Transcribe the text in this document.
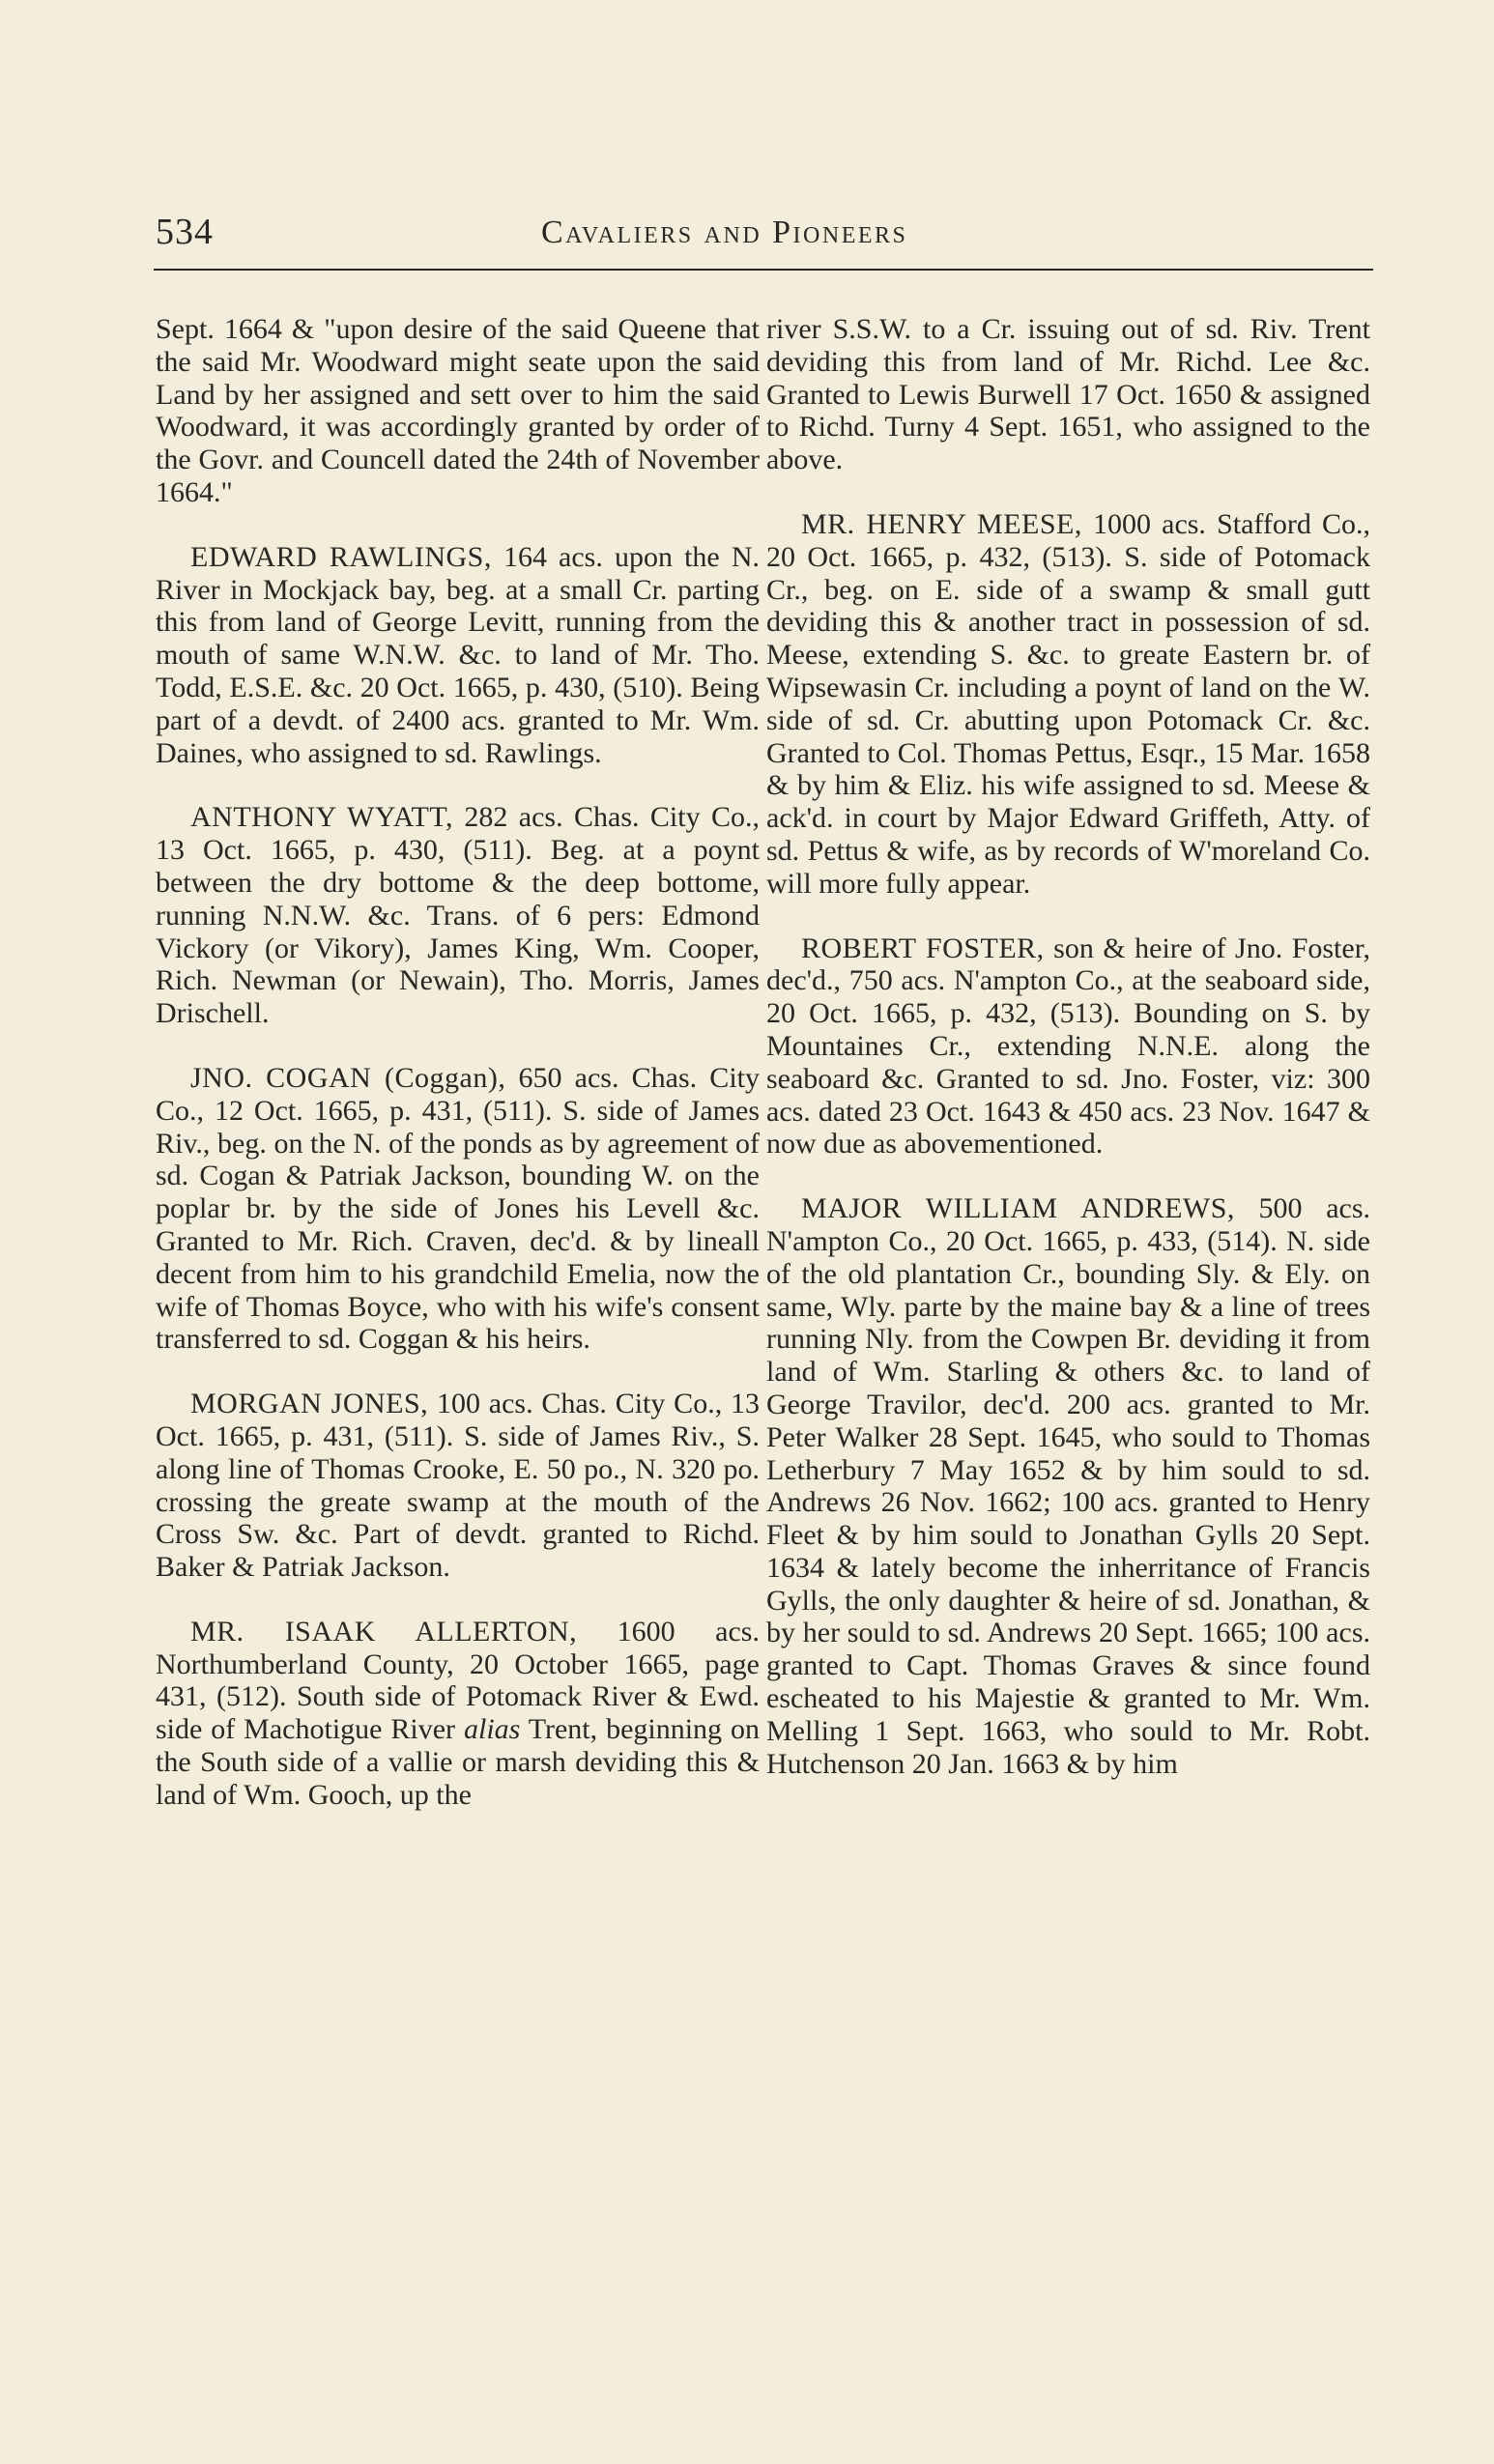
534	Cavaliers and Pioneers

Sept. 1664 & "upon desire of the said Queene that the said Mr. Woodward might seate upon the said Land by her assigned and sett over to him the said Woodward, it was accordingly granted by order of the Govr. and Councell dated the 24th of November 1664."

EDWARD RAWLINGS, 164 acs. upon the N. River in Mockjack bay, beg. at a small Cr. parting this from land of George Levitt, running from the mouth of same W.N.W. &c. to land of Mr. Tho. Todd, E.S.E. &c. 20 Oct. 1665, p. 430, (510). Being part of a devdt. of 2400 acs. granted to Mr. Wm. Daines, who assigned to sd. Rawlings.

ANTHONY WYATT, 282 acs. Chas. City Co., 13 Oct. 1665, p. 430, (511). Beg. at a poynt between the dry bottome & the deep bottome, running N.N.W. &c. Trans. of 6 pers: Edmond Vickory (or Vikory), James King, Wm. Cooper, Rich. Newman (or Newain), Tho. Morris, James Drischell.

JNO. COGAN (Coggan), 650 acs. Chas. City Co., 12 Oct. 1665, p. 431, (511). S. side of James Riv., beg. on the N. of the ponds as by agreement of sd. Cogan & Patriak Jackson, bounding W. on the poplar br. by the side of Jones his Levell &c. Granted to Mr. Rich. Craven, dec'd. & by lineall decent from him to his grandchild Emelia, now the wife of Thomas Boyce, who with his wife's consent transferred to sd. Coggan & his heirs.

MORGAN JONES, 100 acs. Chas. City Co., 13 Oct. 1665, p. 431, (511). S. side of James Riv., S. along line of Thomas Crooke, E. 50 po., N. 320 po. crossing the greate swamp at the mouth of the Cross Sw. &c. Part of devdt. granted to Richd. Baker & Patriak Jackson.

MR. ISAAK ALLERTON, 1600 acs. Northumberland County, 20 October 1665, page 431, (512). South side of Potomack River & Ewd. side of Machotigue River alias Trent, beginning on the South side of a vallie or marsh deviding this & land of Wm. Gooch, up the

river S.S.W. to a Cr. issuing out of sd. Riv. Trent deviding this from land of Mr. Richd. Lee &c. Granted to Lewis Burwell 17 Oct. 1650 & assigned to Richd. Turny 4 Sept. 1651, who assigned to the above.

MR. HENRY MEESE, 1000 acs. Stafford Co., 20 Oct. 1665, p. 432, (513). S. side of Potomack Cr., beg. on E. side of a swamp & small gutt deviding this & another tract in possession of sd. Meese, extending S. &c. to greate Eastern br. of Wipsewasin Cr. including a poynt of land on the W. side of sd. Cr. abutting upon Potomack Cr. &c. Granted to Col. Thomas Pettus, Esqr., 15 Mar. 1658 & by him & Eliz. his wife assigned to sd. Meese & ack'd. in court by Major Edward Griffeth, Atty. of sd. Pettus & wife, as by records of W'moreland Co. will more fully appear.

ROBERT FOSTER, son & heire of Jno. Foster, dec'd., 750 acs. N'ampton Co., at the seaboard side, 20 Oct. 1665, p. 432, (513). Bounding on S. by Mountaines Cr., extending N.N.E. along the seaboard &c. Granted to sd. Jno. Foster, viz: 300 acs. dated 23 Oct. 1643 & 450 acs. 23 Nov. 1647 & now due as abovementioned.

MAJOR WILLIAM ANDREWS, 500 acs. N'ampton Co., 20 Oct. 1665, p. 433, (514). N. side of the old plantation Cr., bounding Sly. & Ely. on same, Wly. parte by the maine bay & a line of trees running Nly. from the Cowpen Br. deviding it from land of Wm. Starling & others &c. to land of George Travilor, dec'd. 200 acs. granted to Mr. Peter Walker 28 Sept. 1645, who sould to Thomas Letherbury 7 May 1652 & by him sould to sd. Andrews 26 Nov. 1662; 100 acs. granted to Henry Fleet & by him sould to Jonathan Gylls 20 Sept. 1634 & lately become the inherritance of Francis Gylls, the only daughter & heire of sd. Jonathan, & by her sould to sd. Andrews 20 Sept. 1665; 100 acs. granted to Capt. Thomas Graves & since found escheated to his Majestie & granted to Mr. Wm. Melling 1 Sept. 1663, who sould to Mr. Robt. Hutchenson 20 Jan. 1663 & by him
